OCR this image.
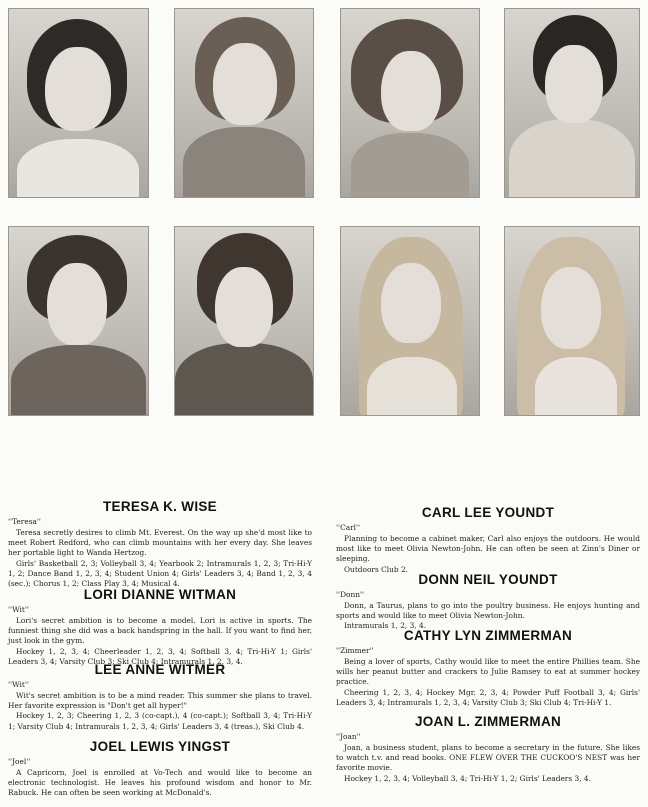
TERESA K. WISE
''Teresa''

Teresa secretly desires to climb Mt. Everest. On the way up she'd most like to meet Robert Redford, who can climb mountains with her every day. She leaves her portable light to Wanda Hertzog.

Girls' Basketball 2, 3; Volleyball 3, 4; Yearbook 2; Intramurals 1, 2, 3; Tri-Hi-Y 1, 2; Dance Band 1, 2, 3, 4; Student Union 4; Girls' Leaders 3, 4; Band 1, 2, 3, 4 (sec.); Chorus 1, 2; Class Play 3, 4; Musical 4.

LORI DIANNE WITMAN
''Wit''

Lori's secret ambition is to become a model. Lori is active in sports. The funniest thing she did was a back handspring in the hall. If you want to find her, just look in the gym.

Hockey 1, 2, 3, 4; Cheerleader 1, 2, 3, 4; Softball 3, 4; Tri-Hi-Y 1; Girls' Leaders 3, 4; Varsity Club 3; Ski Club 4; Intramurals 1, 2, 3, 4.

LEE ANNE WITMER
''Wit''

Wit's secret ambition is to be a mind reader. This summer she plans to travel. Her favorite expression is "Don't get all hyper!"

Hockey 1, 2, 3; Cheering 1, 2, 3 (co-capt.), 4 (co-capt.); Softball 3, 4; Tri-Hi-Y 1; Varsity Club 4; Intramurals 1, 2, 3, 4; Girls' Leaders 3, 4 (treas.), Ski Club 4.

JOEL LEWIS YINGST
''Joel''

A Capricorn, Joel is enrolled at Vo-Tech and would like to become an electronic technologist. He leaves his profound wisdom and honor to Mr. Rabuck. He can often be seen working at McDonald's.

CARL LEE YOUNDT
''Carl''

Planning to become a cabinet maker, Carl also enjoys the outdoors. He would most like to meet Olivia Newton-John. He can often be seen at Zinn's Diner or sleeping.

Outdoors Club 2.

DONN NEIL YOUNDT
''Donn''

Donn, a Taurus, plans to go into the poultry business. He enjoys hunting and sports and would like to meet Olivia Newton-John.

Intramurals 1, 2, 3, 4.

CATHY LYN ZIMMERMAN
''Zimmer''

Being a lover of sports, Cathy would like to meet the entire Phillies team. She wills her peanut butter and crackers to Julie Ramsey to eat at summer hockey practice.

Cheering 1, 2, 3, 4; Hockey Mgr. 2, 3, 4; Powder Puff Football 3, 4; Girls' Leaders 3, 4; Intramurals 1, 2, 3, 4; Varsity Club 3; Ski Club 4; Tri-Hi-Y 1.

JOAN L. ZIMMERMAN
''Joan''

Joan, a business student, plans to become a secretary in the future. She likes to watch t.v. and read books. ONE FLEW OVER THE CUCKOO'S NEST was her favorite movie.

Hockey 1, 2, 3, 4; Volleyball 3, 4; Tri-Hi-Y 1, 2; Girls' Leaders 3, 4.
